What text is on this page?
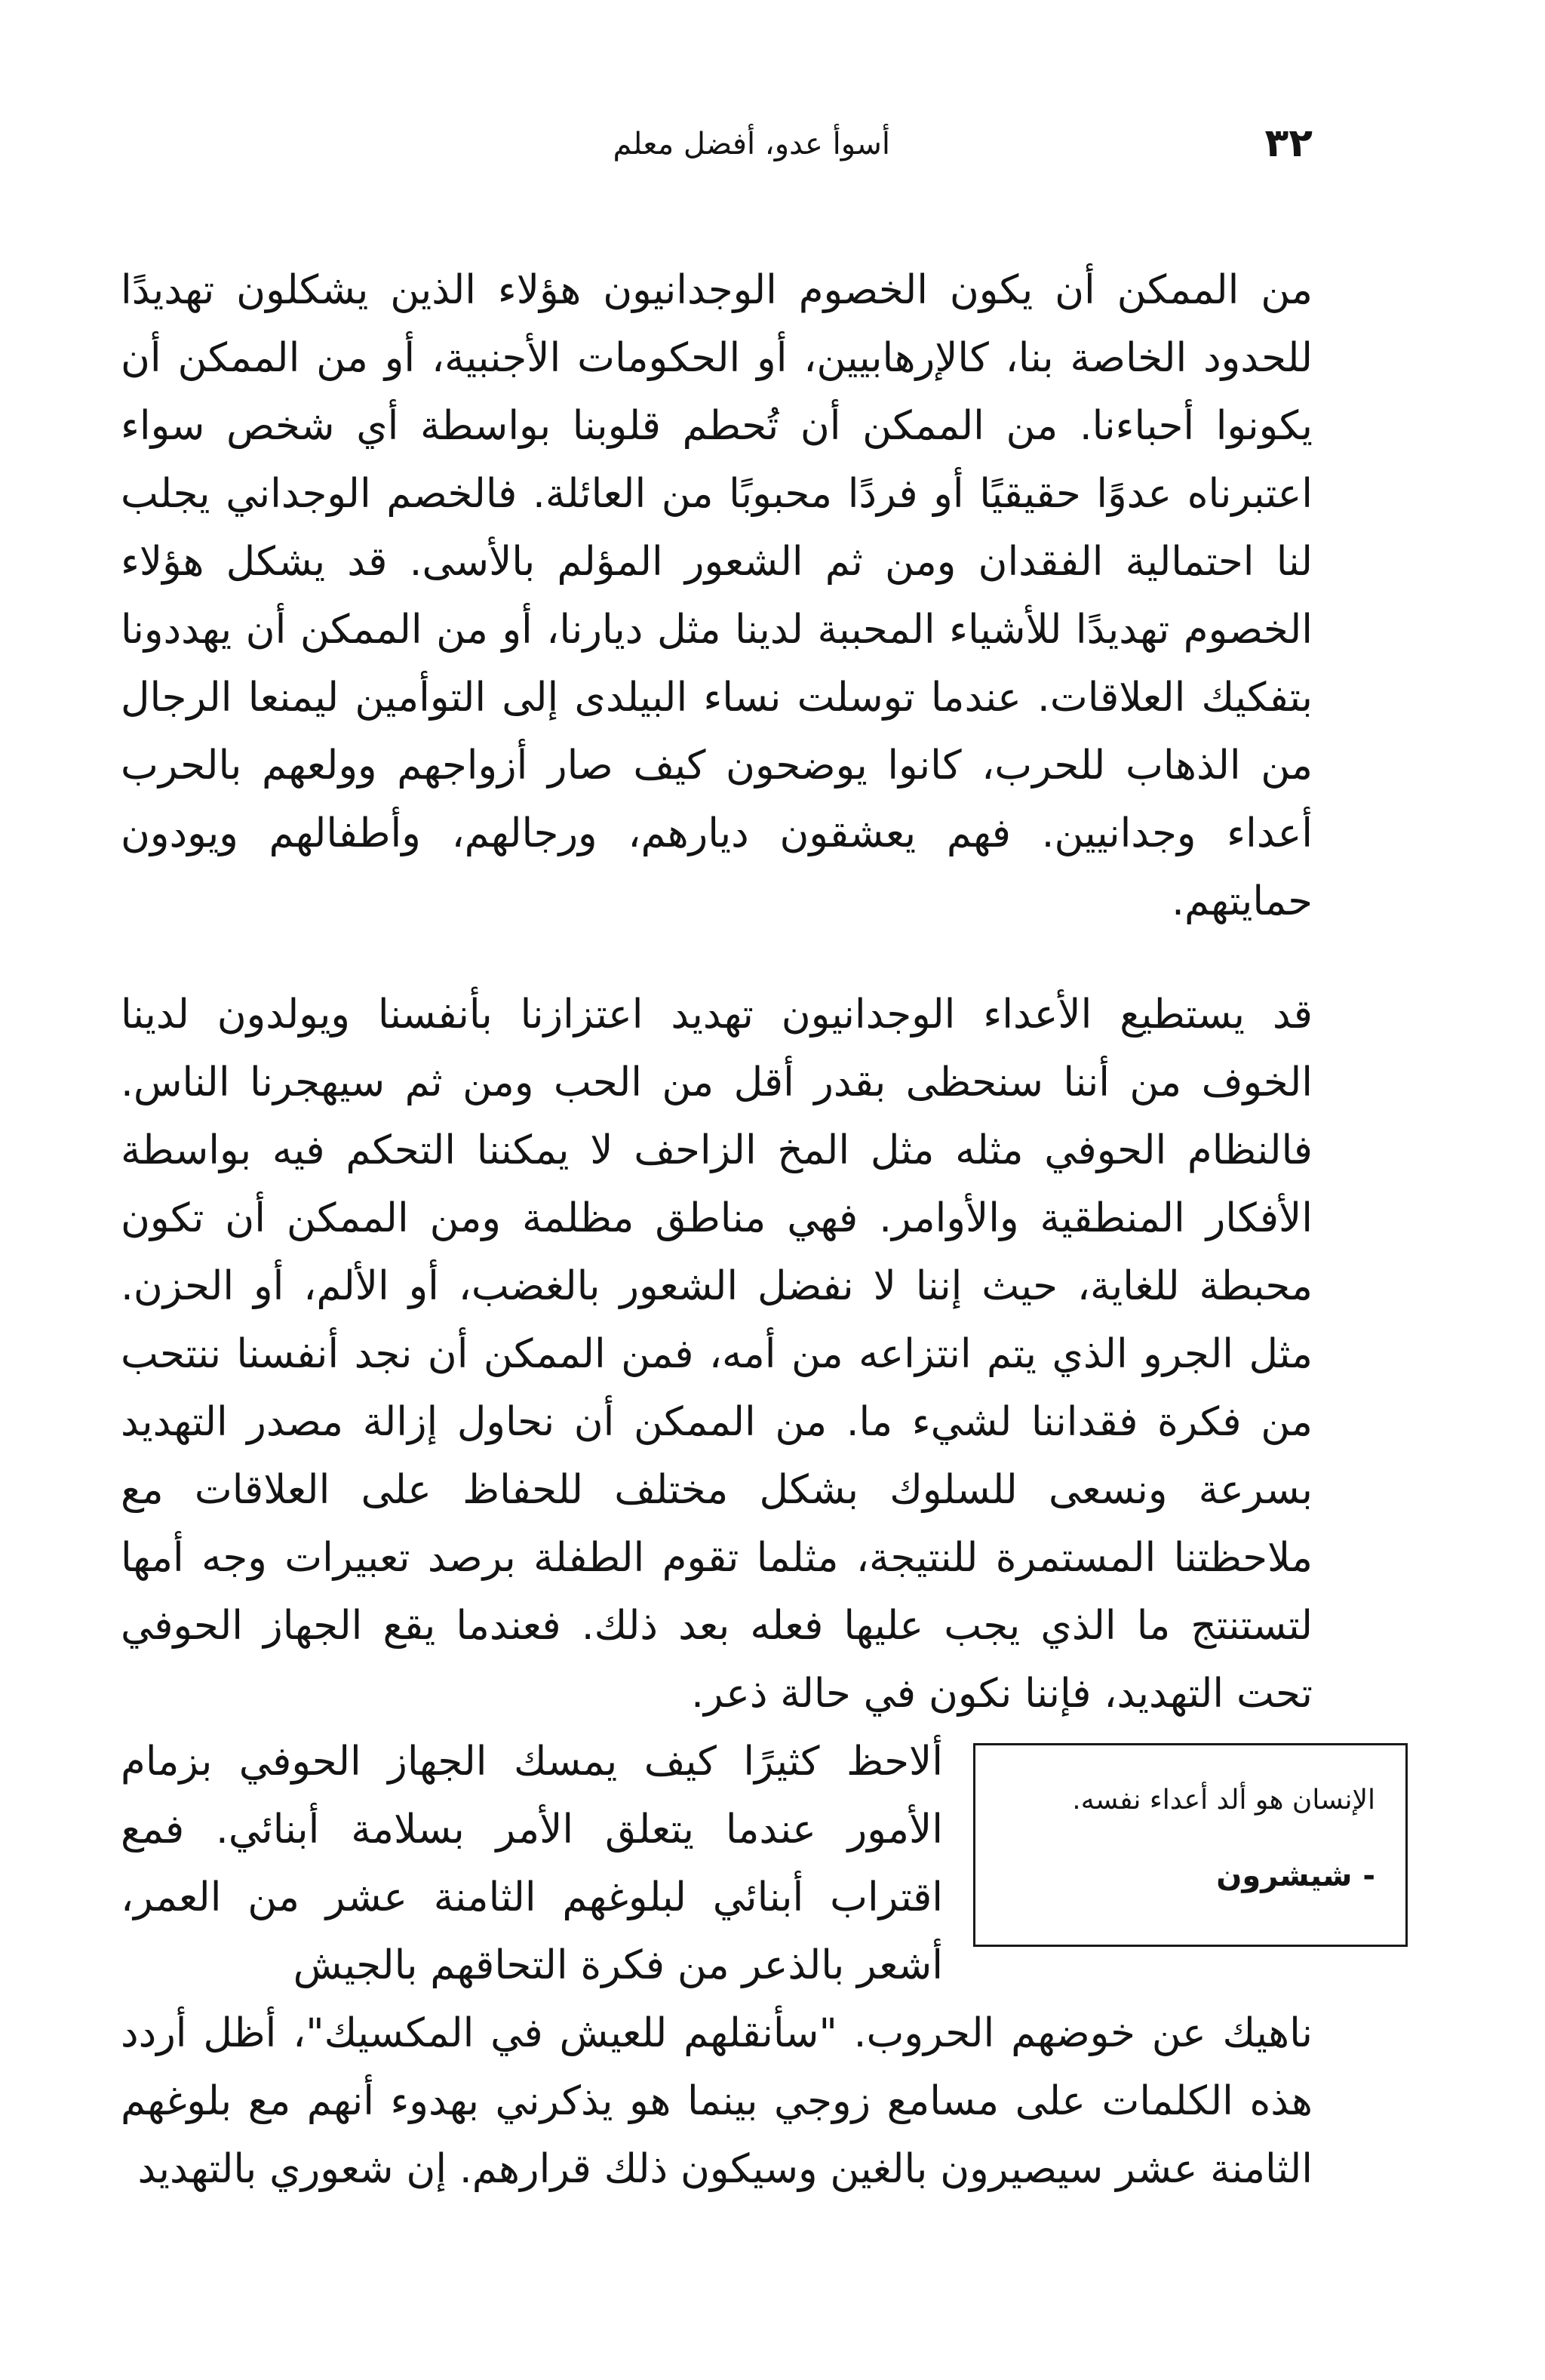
٣٢
أسوأ عدو، أفضل معلم

من الممكن أن يكون الخصوم الوجدانيون هؤلاء الذين يشكلون تهديدًا للحدود الخاصة بنا، كالإرهابيين، أو الحكومات الأجنبية، أو من الممكن أن يكونوا أحباءنا. من الممكن أن تُحطم قلوبنا بواسطة أي شخص سواء اعتبرناه عدوًا حقيقيًا أو فردًا محبوبًا من العائلة. فالخصم الوجداني يجلب لنا احتمالية الفقدان ومن ثم الشعور المؤلم بالأسى. قد يشكل هؤلاء الخصوم تهديدًا للأشياء المحببة لدينا مثل ديارنا، أو من الممكن أن يهددونا بتفكيك العلاقات. عندما توسلت نساء البيلدى إلى التوأمين ليمنعا الرجال من الذهاب للحرب، كانوا يوضحون كيف صار أزواجهم وولعهم بالحرب أعداء وجدانيين. فهم يعشقون ديارهم، ورجالهم، وأطفالهم ويودون حمايتهم.

قد يستطيع الأعداء الوجدانيون تهديد اعتزازنا بأنفسنا ويولدون لدينا الخوف من أننا سنحظى بقدر أقل من الحب ومن ثم سيهجرنا الناس. فالنظام الحوفي مثله مثل المخ الزاحف لا يمكننا التحكم فيه بواسطة الأفكار المنطقية والأوامر. فهي مناطق مظلمة ومن الممكن أن تكون محبطة للغاية، حيث إننا لا نفضل الشعور بالغضب، أو الألم، أو الحزن. مثل الجرو الذي يتم انتزاعه من أمه، فمن الممكن أن نجد أنفسنا ننتحب من فكرة فقداننا لشيء ما. من الممكن أن نحاول إزالة مصدر التهديد بسرعة ونسعى للسلوك بشكل مختلف للحفاظ على العلاقات مع ملاحظتنا المستمرة للنتيجة، مثلما تقوم الطفلة برصد تعبيرات وجه أمها لتستنتج ما الذي يجب عليها فعله بعد ذلك. فعندما يقع الجهاز الحوفي تحت التهديد، فإننا نكون في حالة ذعر.

ألاحظ كثيرًا كيف يمسك الجهاز الحوفي بزمام الأمور عندما يتعلق الأمر بسلامة أبنائي. فمع اقتراب أبنائي لبلوغهم الثامنة عشر من العمر، أشعر بالذعر من فكرة التحاقهم بالجيش

الإنسان هو ألد أعداء نفسه.
- شيشرون

ناهيك عن خوضهم الحروب. "سأنقلهم للعيش في المكسيك"، أظل أردد هذه الكلمات على مسامع زوجي بينما هو يذكرني بهدوء أنهم مع بلوغهم الثامنة عشر سيصيرون بالغين وسيكون ذلك قرارهم. إن شعوري بالتهديد
